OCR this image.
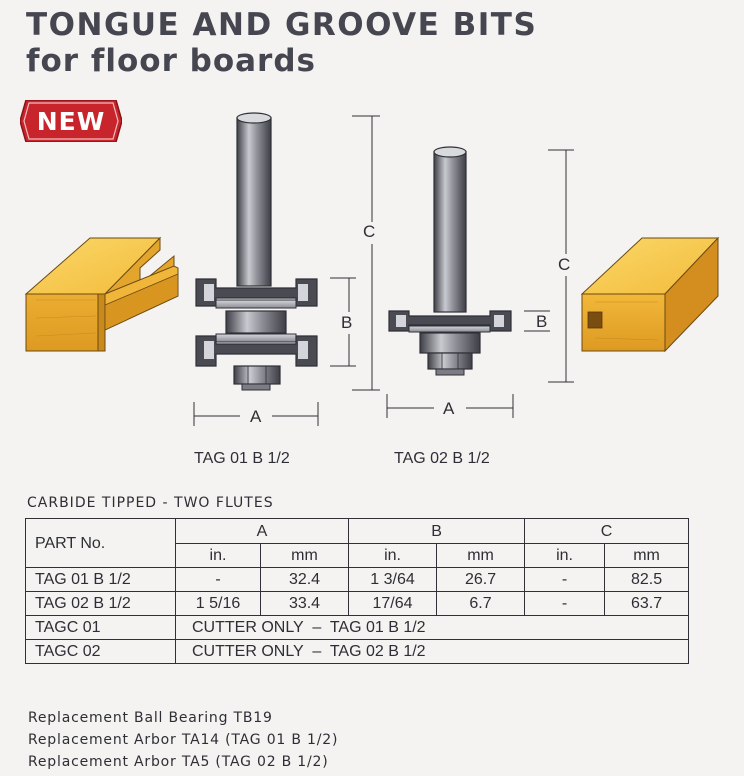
TONGUE AND GROOVE BITS
for floor boards
NEW
C
B
A
C
B
A
TAG 01 B 1/2	TAG 02 B 1/2
CARBIDE TIPPED - TWO FLUTES
PART No.	A		B		C	
	in.	mm	in.	mm	in.	mm
TAG 01 B 1/2	-	32.4	1 3/64	26.7	-	82.5
TAG 02 B 1/2	1 5/16	33.4	17/64	6.7	-	63.7
TAGC 01	CUTTER ONLY  –  TAG 01 B 1/2					
TAGC 02	CUTTER ONLY  –  TAG 02 B 1/2					
Replacement Ball Bearing TB19
Replacement Arbor TA14 (TAG 01 B 1/2)
Replacement Arbor TA5 (TAG 02 B 1/2)
